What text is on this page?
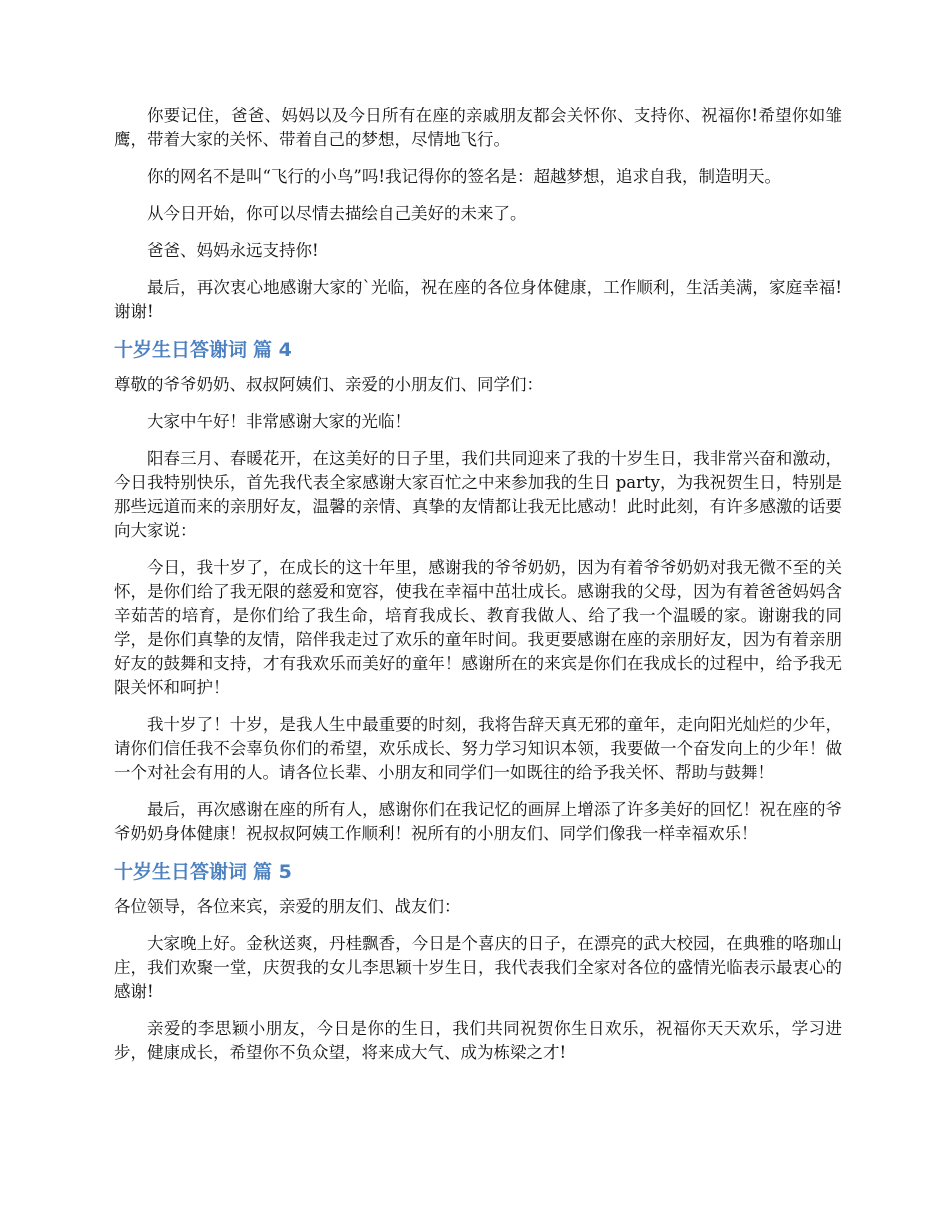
你要记住，爸爸、妈妈以及今日所有在座的亲戚朋友都会关怀你、支持你、祝福你!希望你如雏鹰，带着大家的关怀、带着自己的梦想，尽情地飞行。

你的网名不是叫“飞行的小鸟”吗!我记得你的签名是：超越梦想，追求自我，制造明天。

从今日开始，你可以尽情去描绘自己美好的未来了。

爸爸、妈妈永远支持你!

最后，再次衷心地感谢大家的`光临，祝在座的各位身体健康，工作顺利，生活美满，家庭幸福!谢谢!

十岁生日答谢词 篇 4

尊敬的爷爷奶奶、叔叔阿姨们、亲爱的小朋友们、同学们：

大家中午好！非常感谢大家的光临！

阳春三月、春暖花开，在这美好的日子里，我们共同迎来了我的十岁生日，我非常兴奋和激动，今日我特别快乐，首先我代表全家感谢大家百忙之中来参加我的生日 party，为我祝贺生日，特别是那些远道而来的亲朋好友，温馨的亲情、真挚的友情都让我无比感动！此时此刻，有许多感激的话要向大家说：

今日，我十岁了，在成长的这十年里，感谢我的爷爷奶奶，因为有着爷爷奶奶对我无微不至的关怀，是你们给了我无限的慈爱和宽容，使我在幸福中茁壮成长。感谢我的父母，因为有着爸爸妈妈含辛茹苦的培育，是你们给了我生命，培育我成长、教育我做人、给了我一个温暖的家。谢谢我的同学，是你们真挚的友情，陪伴我走过了欢乐的童年时间。我更要感谢在座的亲朋好友，因为有着亲朋好友的鼓舞和支持，才有我欢乐而美好的童年！感谢所在的来宾是你们在我成长的过程中，给予我无限关怀和呵护！

我十岁了！十岁，是我人生中最重要的时刻，我将告辞天真无邪的童年，走向阳光灿烂的少年，请你们信任我不会辜负你们的希望，欢乐成长、努力学习知识本领，我要做一个奋发向上的少年！做一个对社会有用的人。请各位长辈、小朋友和同学们一如既往的给予我关怀、帮助与鼓舞！

最后，再次感谢在座的所有人，感谢你们在我记忆的画屏上增添了许多美好的回忆！祝在座的爷爷奶奶身体健康！祝叔叔阿姨工作顺利！祝所有的小朋友们、同学们像我一样幸福欢乐！

十岁生日答谢词 篇 5

各位领导，各位来宾，亲爱的朋友们、战友们：

大家晚上好。金秋送爽，丹桂飘香，今日是个喜庆的日子，在漂亮的武大校园，在典雅的咯珈山庄，我们欢聚一堂，庆贺我的女儿李思颖十岁生日，我代表我们全家对各位的盛情光临表示最衷心的感谢!

亲爱的李思颖小朋友，今日是你的生日，我们共同祝贺你生日欢乐，祝福你天天欢乐，学习进步，健康成长，希望你不负众望，将来成大气、成为栋梁之才!
